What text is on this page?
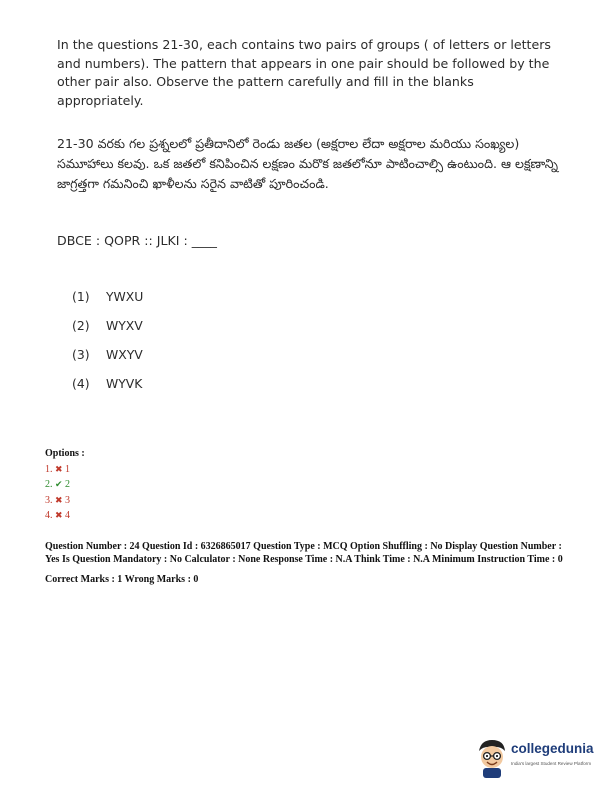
In the questions 21-30, each contains two pairs of groups ( of letters or letters and numbers). The pattern that appears in one pair should be followed by the other pair also. Observe the pattern carefully and fill in the blanks appropriately.
21-30 వరకు గల ప్రశ్నలలో ప్రతీదానిలో రెండు జతల (అక్షరాల లేదా అక్షరాల మరియు సంఖ్యల) సమూహాలు కలవు. ఒక జతలో కనిపించిన లక్షణం మరొక జతలోనూ పాటించాల్సి ఉంటుంది. ఆ లక్షణాన్ని జాగ్రత్తగా గమనించి ఖాళీలను సరైన వాటితో పూరించండి.
DBCE : QOPR :: JLKI : ____
(1) YWXU
(2) WYXV
(3) WXYV
(4) WYVK
Options :
1. ✖ 1
2. ✔ 2
3. ✖ 3
4. ✖ 4

Question Number : 24 Question Id : 6326865017 Question Type : MCQ Option Shuffling : No Display Question Number : Yes Is Question Mandatory : No Calculator : None Response Time : N.A Think Time : N.A Minimum Instruction Time : 0

Correct Marks : 1 Wrong Marks : 0

collegedunia
India's largest Student Review Platform
